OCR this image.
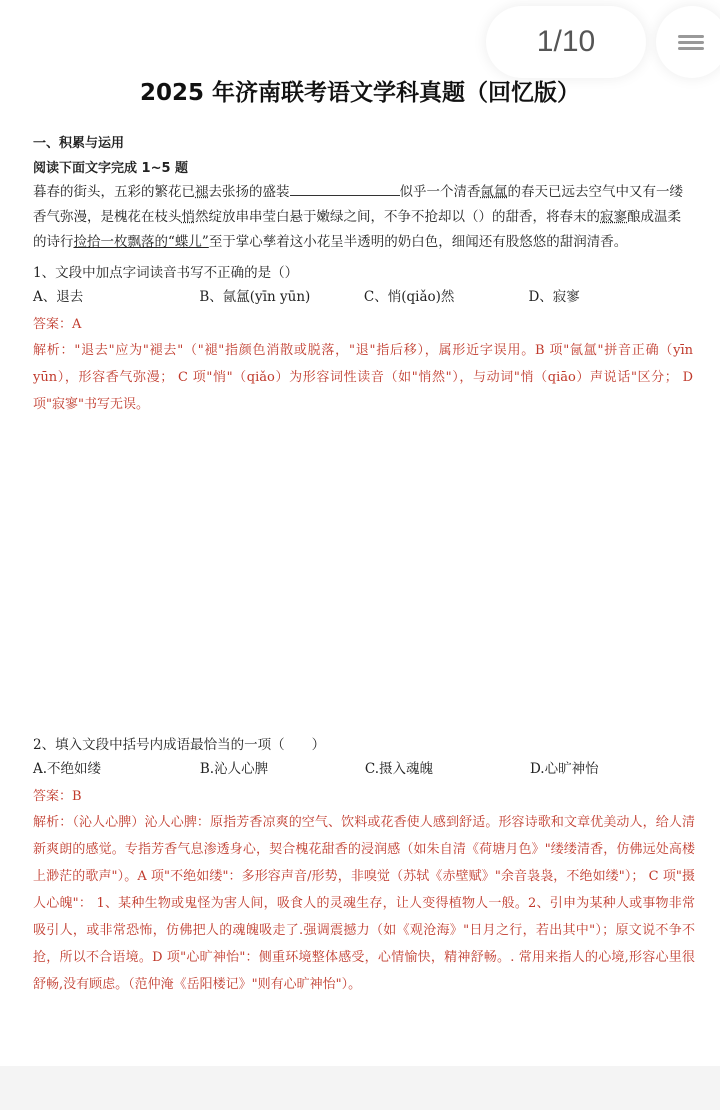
1/10
2025 年济南联考语文学科真题（回忆版）

一、积累与运用

阅读下面文字完成 1~5 题

暮春的街头，五彩的繁花已褪去张扬的盛装	似乎一个清香氤氲的春天已远去空气中又有一缕香气弥漫，是槐花在枝头悄然绽放串串莹白悬于嫩绿之间，不争不抢却以（）的甜香，将春末的寂寥酿成温柔的诗行捡拾一枚飘落的“蝶儿”至于掌心孳着这小花呈半透明的奶白色，细闻还有股悠悠的甜润清香。

1、文段中加点字词读音书写不正确的是（）

A、退去	B、氤氲(yīn yūn)	C、悄(qiǎo)然	D、寂寥
答案：A

解析："退去"应为"褪去"（"褪"指颜色消散或脱落，"退"指后移），属形近字误用。B 项"氤氲"拼音正确（yīn yūn），形容香气弥漫； C 项"悄"（qiǎo）为形容词性读音（如"悄然"），与动词"悄（qiāo）声说话"区分； D 项"寂寥"书写无误。

2、填入文段中括号内成语最恰当的一项（　　）

A.不绝如缕	B.沁人心脾	C.摄入魂魄	D.心旷神怡
答案：B

解析：（沁人心脾）沁人心脾：原指芳香凉爽的空气、饮料或花香使人感到舒适。形容诗歌和文章优美动人，给人清新爽朗的感觉。专指芳香气息渗透身心，契合槐花甜香的浸润感（如朱自清《荷塘月色》"缕缕清香，仿佛远处高楼上渺茫的歌声"）。A 项"不绝如缕"：多形容声音/形势，非嗅觉（苏轼《赤壁赋》"余音袅袅，不绝如缕"）； C 项"摄人心魄"： 1、某种生物或鬼怪为害人间，吸食人的灵魂生存，让人变得植物人一般。2、引申为某种人或事物非常吸引人，或非常恐怖，仿佛把人的魂魄吸走了.强调震撼力（如《观沧海》"日月之行，若出其中"）；原文说不争不抢，所以不合语境。D 项"心旷神怡"：侧重环境整体感受，心情愉快，精神舒畅。. 常用来指人的心境,形容心里很舒畅,没有顾虑。（范仲淹《岳阳楼记》"则有心旷神怡"）。
